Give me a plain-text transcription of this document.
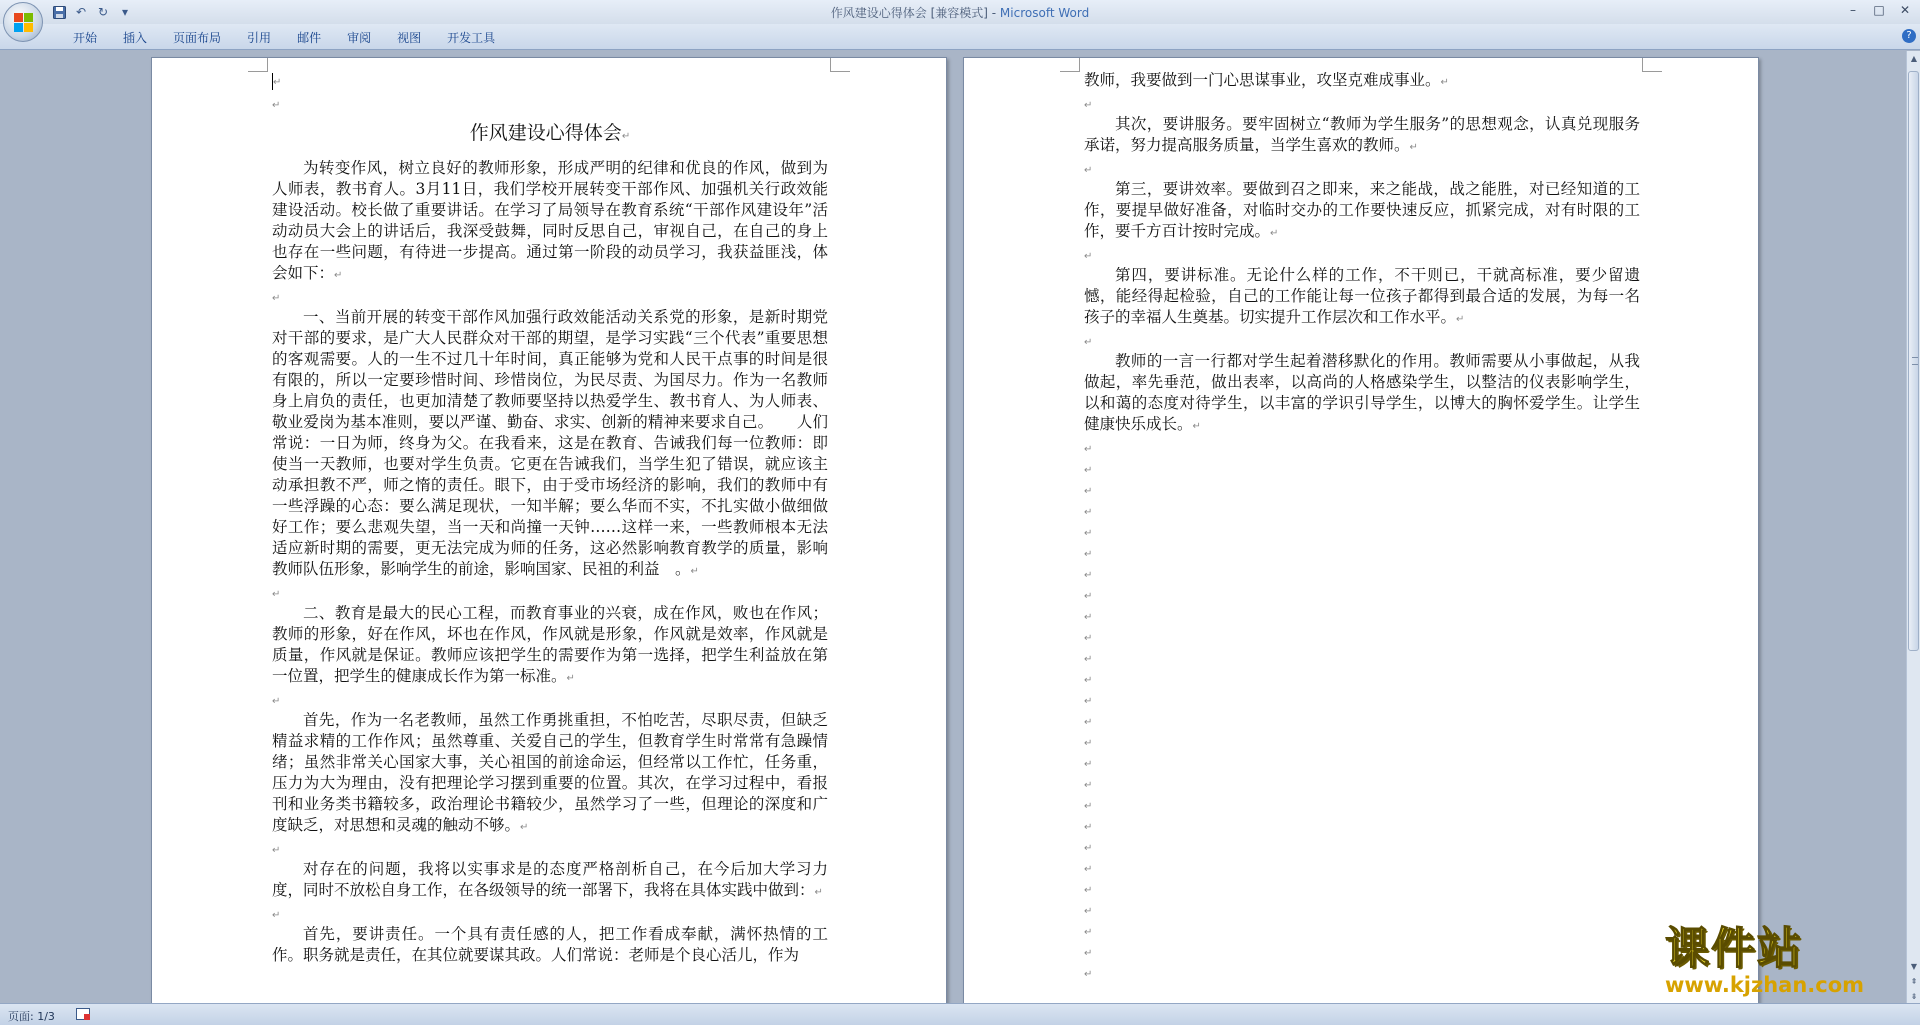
↶ ↻	▾	作风建设心得体会 [兼容模式] - Microsoft Word	–	□	✕
开始	插入	页面布局	引用	邮件	审阅	视图	开发工具	?
↵
↵
作风建设心得体会↵
为转变作风，树立良好的教师形象，形成严明的纪律和优良的作风，做到为人师表，教书育人。3月11日，我们学校开展转变干部作风、加强机关行政效能建设活动。校长做了重要讲话。在学习了局领导在教育系统“干部作风建设年”活动动员大会上的讲话后，我深受鼓舞，同时反思自己，审视自己，在自己的身上也存在一些问题，有待进一步提高。通过第一阶段的动员学习，我获益匪浅，体会如下：↵
↵
一、当前开展的转变干部作风加强行政效能活动关系党的形象，是新时期党对干部的要求，是广大人民群众对干部的期望，是学习实践“三个代表”重要思想的客观需要。人的一生不过几十年时间，真正能够为党和人民干点事的时间是很有限的，所以一定要珍惜时间、珍惜岗位，为民尽责、为国尽力。作为一名教师身上肩负的责任，也更加清楚了教师要坚持以热爱学生、教书育人、为人师表、敬业爱岗为基本准则，要以严谨、勤奋、求实、创新的精神来要求自己。　　人们常说：一日为师，终身为父。在我看来，这是在教育、告诫我们每一位教师：即使当一天教师，也要对学生负责。它更在告诫我们，当学生犯了错误，就应该主动承担教不严，师之惰的责任。眼下，由于受市场经济的影响，我们的教师中有一些浮躁的心态：要么满足现状，一知半解；要么华而不实，不扎实做小做细做好工作；要么悲观失望，当一天和尚撞一天钟……这样一来，一些教师根本无法适应新时期的需要，更无法完成为师的任务，这必然影响教育教学的质量，影响教师队伍形象，影响学生的前途，影响国家、民祖的利益　。↵
↵
二、教育是最大的民心工程，而教育事业的兴衰，成在作风，败也在作风；教师的形象，好在作风，坏也在作风，作风就是形象，作风就是效率，作风就是质量，作风就是保证。教师应该把学生的需要作为第一选择，把学生利益放在第一位置，把学生的健康成长作为第一标准。↵
↵
首先，作为一名老教师，虽然工作勇挑重担，不怕吃苦，尽职尽责，但缺乏精益求精的工作作风；虽然尊重、关爱自己的学生，但教育学生时常常有急躁情绪；虽然非常关心国家大事，关心祖国的前途命运，但经常以工作忙，任务重，压力为大为理由，没有把理论学习摆到重要的位置。其次，在学习过程中，看报刊和业务类书籍较多，政治理论书籍较少，虽然学习了一些，但理论的深度和广度缺乏，对思想和灵魂的触动不够。↵
↵
对存在的问题，我将以实事求是的态度严格剖析自己，在今后加大学习力度，同时不放松自身工作，在各级领导的统一部署下，我将在具体实践中做到：↵
↵
首先，要讲责任。一个具有责任感的人，把工作看成奉献，满怀热情的工作。职务就是责任，在其位就要谋其政。人们常说：老师是个良心活儿，作为
教师，我要做到一门心思谋事业，攻坚克难成事业。↵
↵
其次，要讲服务。要牢固树立“教师为学生服务”的思想观念，认真兑现服务承诺，努力提高服务质量，当学生喜欢的教师。↵
↵
第三，要讲效率。要做到召之即来，来之能战，战之能胜，对已经知道的工作，要提早做好准备，对临时交办的工作要快速反应，抓紧完成，对有时限的工作，要千方百计按时完成。↵
↵
第四，要讲标准。无论什么样的工作，不干则已，干就高标准，要少留遗憾，能经得起检验，自己的工作能让每一位孩子都得到最合适的发展，为每一名孩子的幸福人生奠基。切实提升工作层次和工作水平。↵
↵
教师的一言一行都对学生起着潜移默化的作用。教师需要从小事做起，从我做起，率先垂范，做出表率，以高尚的人格感染学生，以整洁的仪表影响学生，以和蔼的态度对待学生，以丰富的学识引导学生，以博大的胸怀爱学生。让学生健康快乐成长。↵
↵
↵
↵
↵
↵
↵
↵
↵
↵
↵
↵
↵
↵
↵
↵
↵
↵
↵
↵
↵
↵
↵
↵
↵
↵
↵
▲
▼
⇞
⇟
页面: 1/3
课件站
www.kjzhan.com
